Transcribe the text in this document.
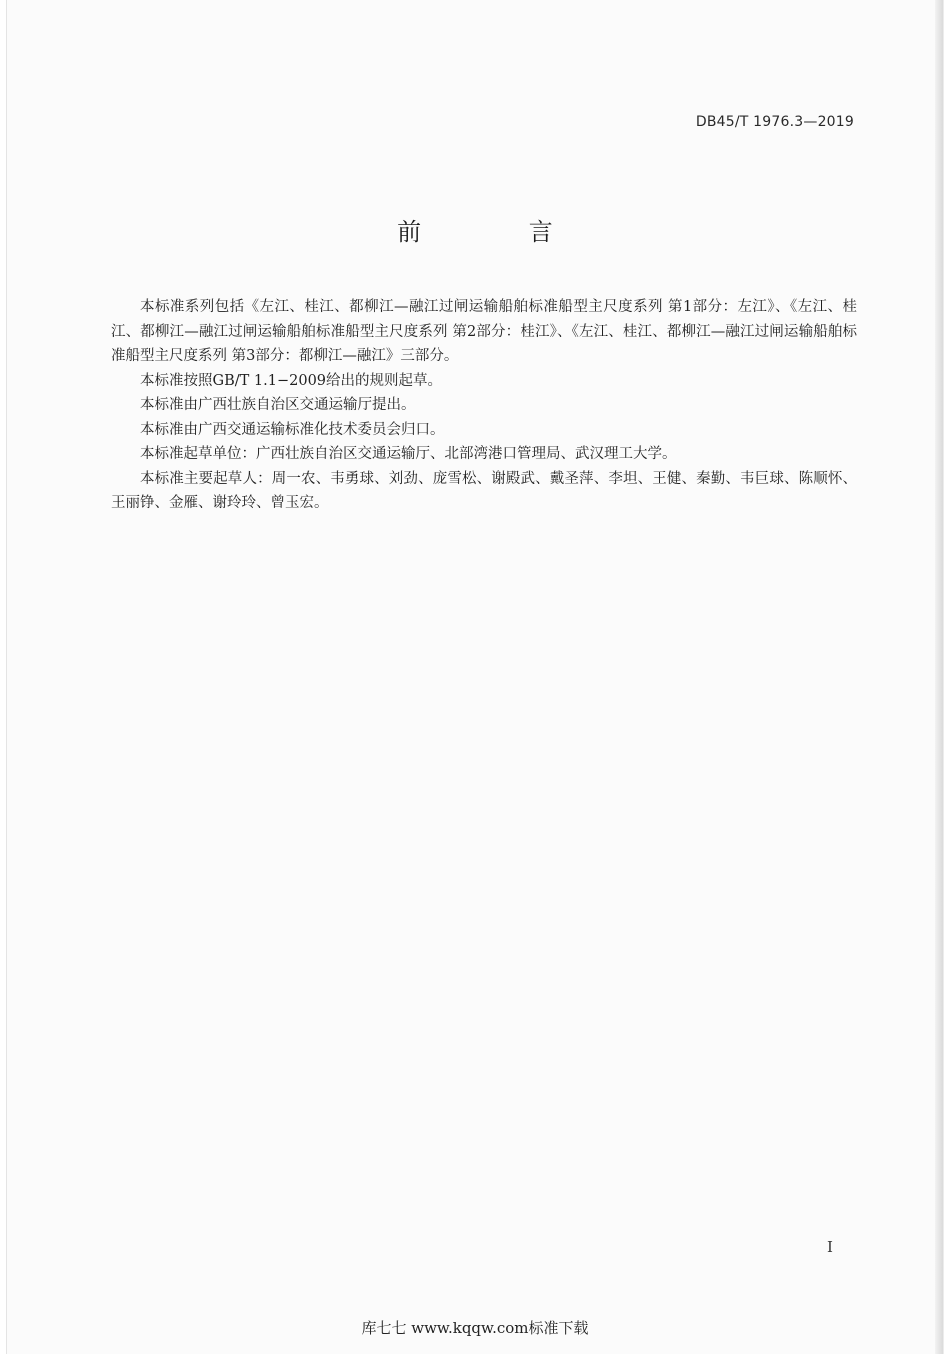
DB45/T 1976.3—2019
前 言

本标准系列包括《左江、桂江、都柳江—融江过闸运输船舶标准船型主尺度系列 第1部分：左江》、《左江、桂江、都柳江—融江过闸运输船舶标准船型主尺度系列 第2部分：桂江》、《左江、桂江、都柳江—融江过闸运输船舶标准船型主尺度系列 第3部分：都柳江—融江》三部分。

本标准按照GB/T 1.1−2009给出的规则起草。

本标准由广西壮族自治区交通运输厅提出。

本标准由广西交通运输标准化技术委员会归口。

本标准起草单位：广西壮族自治区交通运输厅、北部湾港口管理局、武汉理工大学。

本标准主要起草人：周一农、韦勇球、刘劲、庞雪松、谢殿武、戴圣萍、李坦、王健、秦勤、韦巨球、陈顺怀、王丽铮、金雁、谢玲玲、曾玉宏。

I
库七七 www.kqqw.com标准下载
